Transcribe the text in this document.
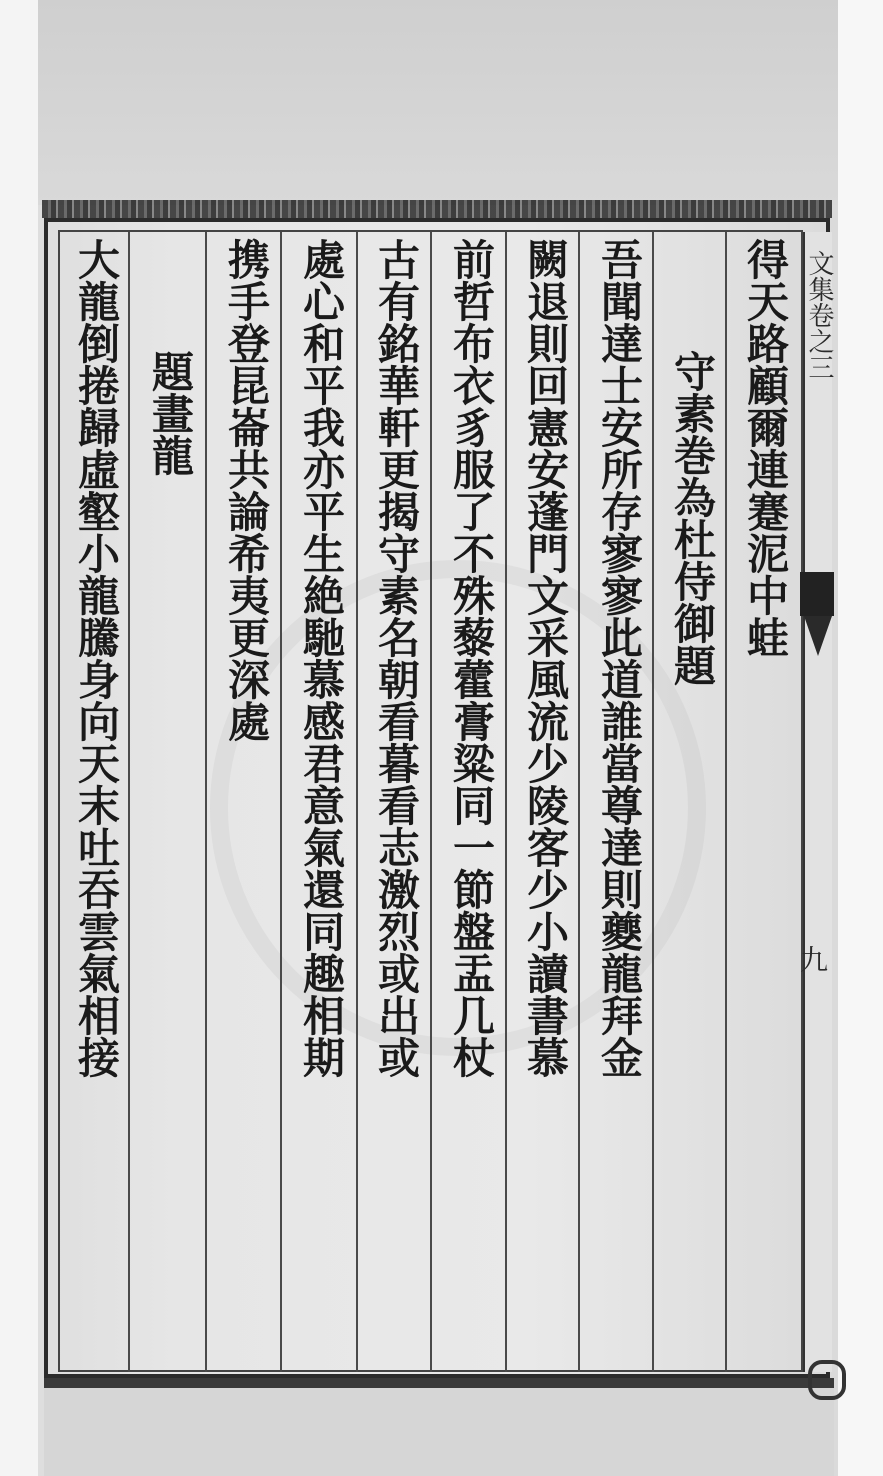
得天路顧爾連蹇泥中蛙
守素巻為杜侍御題
吾聞達士安所存寥寥此道誰當尊達則夔龍拜金
闕退則回憲安蓬門文采風流少陵客少小讀書慕
前哲布衣豸服了不殊藜藿膏粱同一節盤盂几杖
古有銘華軒更揭守素名朝看暮看志激烈或出或
處心和平我亦平生絶馳慕感君意氣還同趣相期
携手登昆崙共論希夷更深處
題畫龍
大龍倒捲歸虛壑小龍騰身向天末吐吞雲氣相接	文集卷之三
九
